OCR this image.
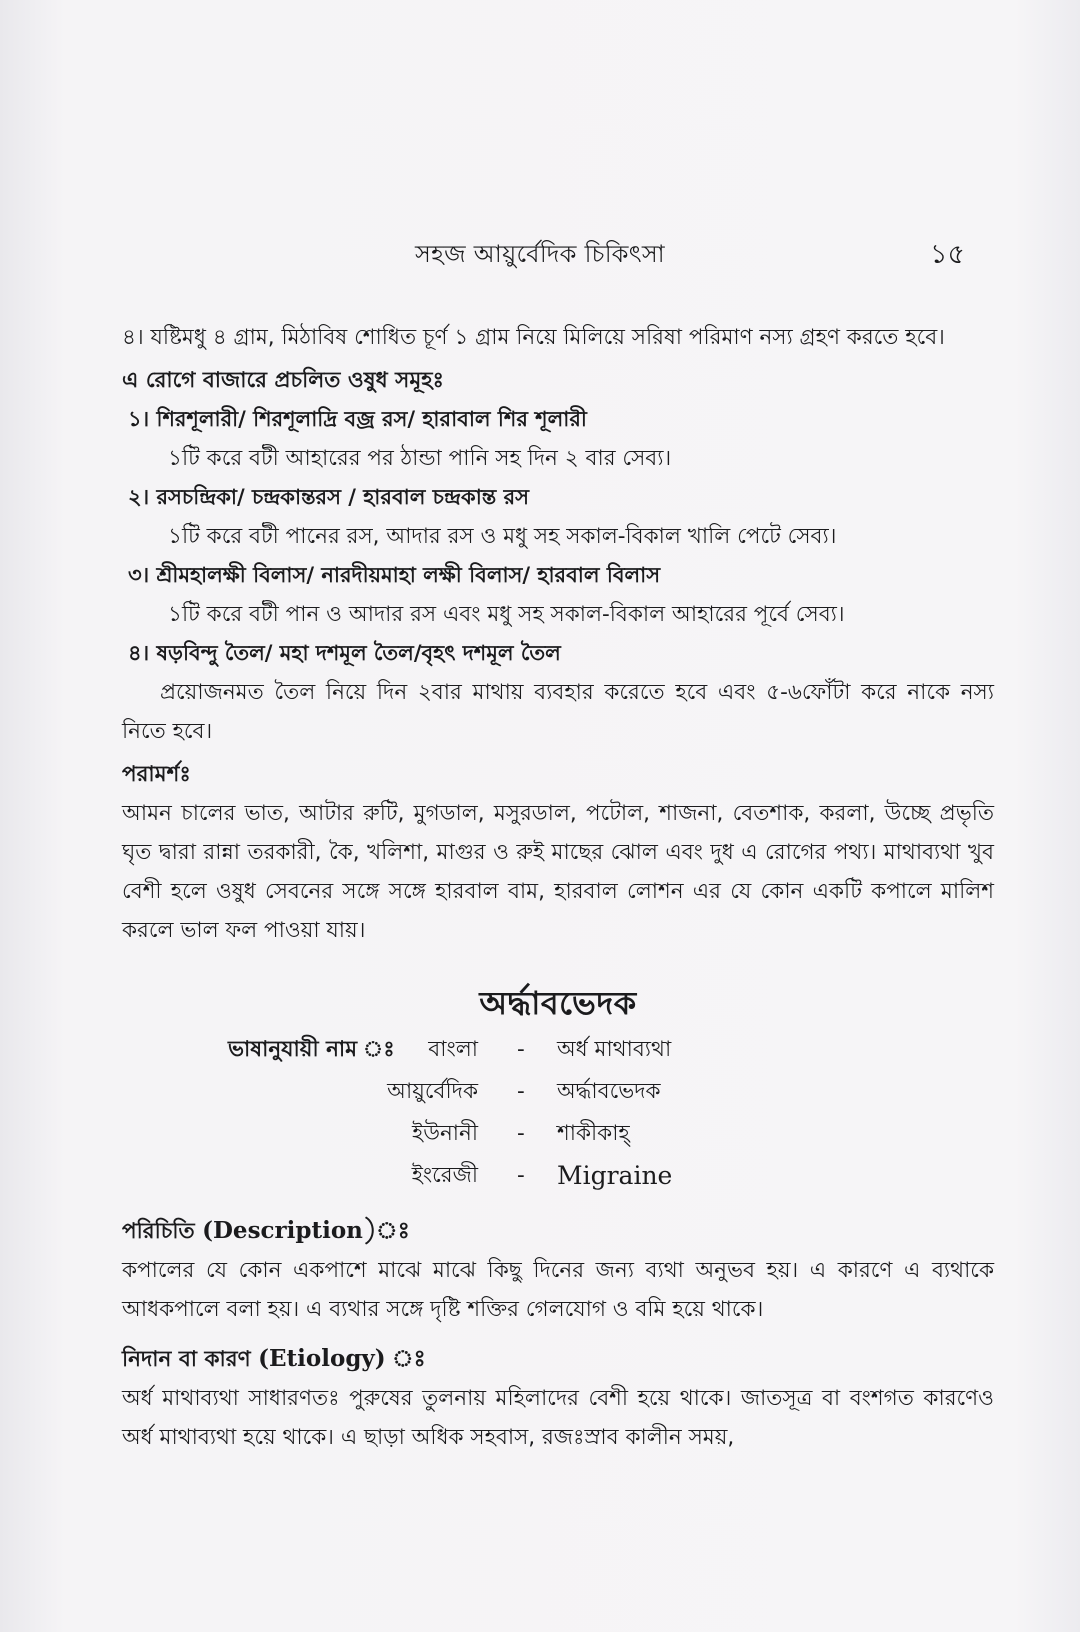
সহজ আয়ুর্বেদিক চিকিৎসা	১৫

৪। যষ্টিমধু ৪ গ্রাম, মিঠাবিষ শোধিত চূর্ণ ১ গ্রাম নিয়ে মিলিয়ে সরিষা পরিমাণ নস্য গ্রহণ করতে হবে।

এ রোগে বাজারে প্রচলিত ওষুধ সমূহঃ

১। শিরশূলারী/ শিরশূলাদ্রি বজ্র রস/ হারাবাল শির শূলারী

১টি করে বটী আহারের পর ঠান্ডা পানি সহ দিন ২ বার সেব্য।

২। রসচন্দ্রিকা/ চন্দ্রকান্তরস / হারবাল চন্দ্রকান্ত রস

১টি করে বটী পানের রস, আদার রস ও মধু সহ সকাল-বিকাল খালি পেটে সেব্য।

৩। শ্রীমহালক্ষী বিলাস/ নারদীয়মাহা লক্ষী বিলাস/ হারবাল বিলাস

১টি করে বটী পান ও আদার রস এবং মধু সহ সকাল-বিকাল আহারের পূর্বে সেব্য।

৪। ষড়বিন্দু তৈল/ মহা দশমূল তৈল/বৃহৎ দশমূল তৈল

প্রয়োজনমত তৈল নিয়ে দিন ২বার মাথায় ব্যবহার করেতে হবে এবং ৫-৬ফোঁটা করে নাকে নস্য নিতে হবে।

পরামর্শঃ

আমন চালের ভাত, আটার রুটি, মুগডাল, মসুরডাল, পটোল, শাজনা, বেতশাক, করলা, উচ্ছে প্রভৃতি ঘৃত দ্বারা রান্না তরকারী, কৈ, খলিশা, মাগুর ও রুই মাছের ঝোল এবং দুধ এ রোগের পথ্য। মাথাব্যথা খুব বেশী হলে ওষুধ সেবনের সঙ্গে সঙ্গে হারবাল বাম, হারবাল লোশন এর যে কোন একটি কপালে মালিশ করলে ভাল ফল পাওয়া যায়।

অর্দ্ধাবভেদক
ভাষানুযায়ী নাম ঃ বাংলা - অর্ধ মাথাব্যথা
আয়ুর্বেদিক - অর্দ্ধাবভেদক
ইউনানী - শাকীকাহ্
ইংরেজী - Migraine

পরিচিতি (Description)ঃ

কপালের যে কোন একপাশে মাঝে মাঝে কিছু দিনের জন্য ব্যথা অনুভব হয়। এ কারণে এ ব্যথাকে আধকপালে বলা হয়। এ ব্যথার সঙ্গে দৃষ্টি শক্তির গেলযোগ ও বমি হয়ে থাকে।

নিদান বা কারণ (Etiology) ঃ

অর্ধ মাথাব্যথা সাধারণতঃ পুরুষের তুলনায় মহিলাদের বেশী হয়ে থাকে। জাতসূত্র বা বংশগত কারণেও অর্ধ মাথাব্যথা হয়ে থাকে। এ ছাড়া অধিক সহবাস, রজঃস্রাব কালীন সময়,
